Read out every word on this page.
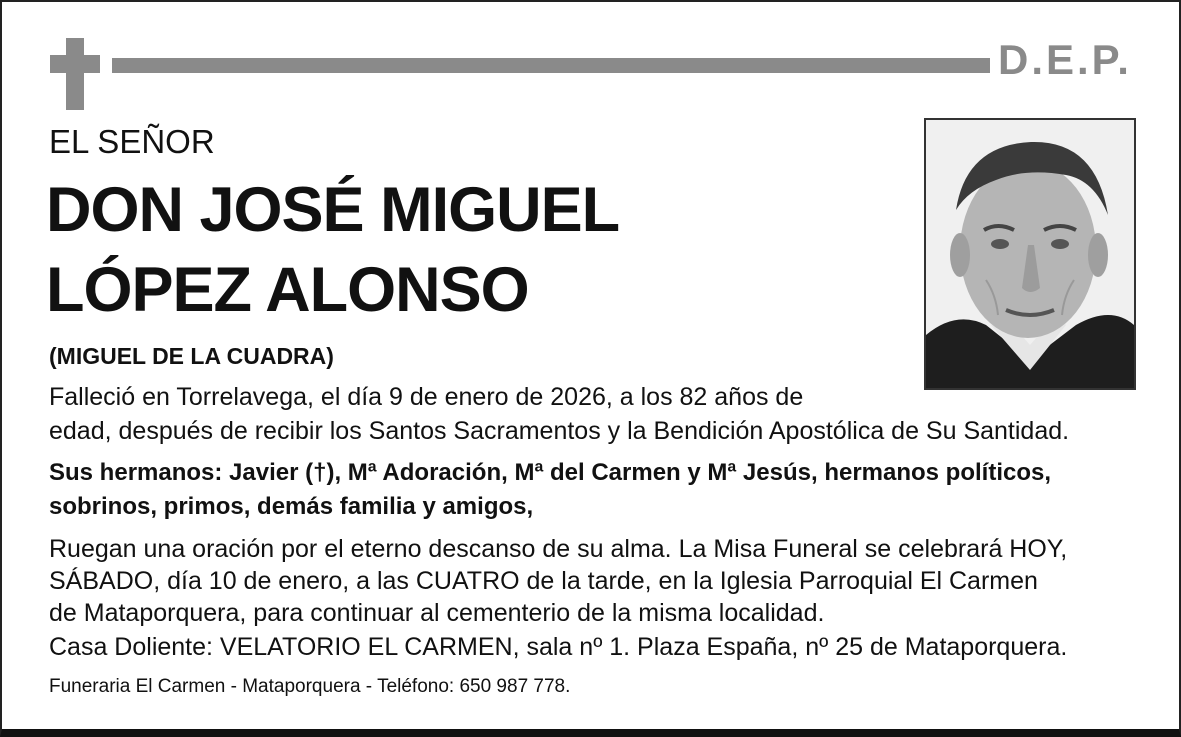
D.E.P.
EL SEÑOR
DON JOSÉ MIGUEL
LÓPEZ ALONSO
(MIGUEL DE LA CUADRA)
Falleció en Torrelavega, el día 9 de enero de 2026, a los 82 años de
edad, después de recibir los Santos Sacramentos y la Bendición Apostólica de Su Santidad.
Sus hermanos: Javier (†), Mª Adoración, Mª del Carmen y Mª Jesús, hermanos políticos,
sobrinos, primos, demás familia y amigos,
Ruegan una oración por el eterno descanso de su alma. La Misa Funeral se celebrará HOY,
SÁBADO, día 10 de enero, a las CUATRO de la tarde, en la Iglesia Parroquial El Carmen
de Mataporquera, para continuar al cementerio de la misma localidad.
Casa Doliente: VELATORIO EL CARMEN, sala nº 1. Plaza España, nº 25 de Mataporquera.
Funeraria El Carmen - Mataporquera - Teléfono: 650 987 778.
